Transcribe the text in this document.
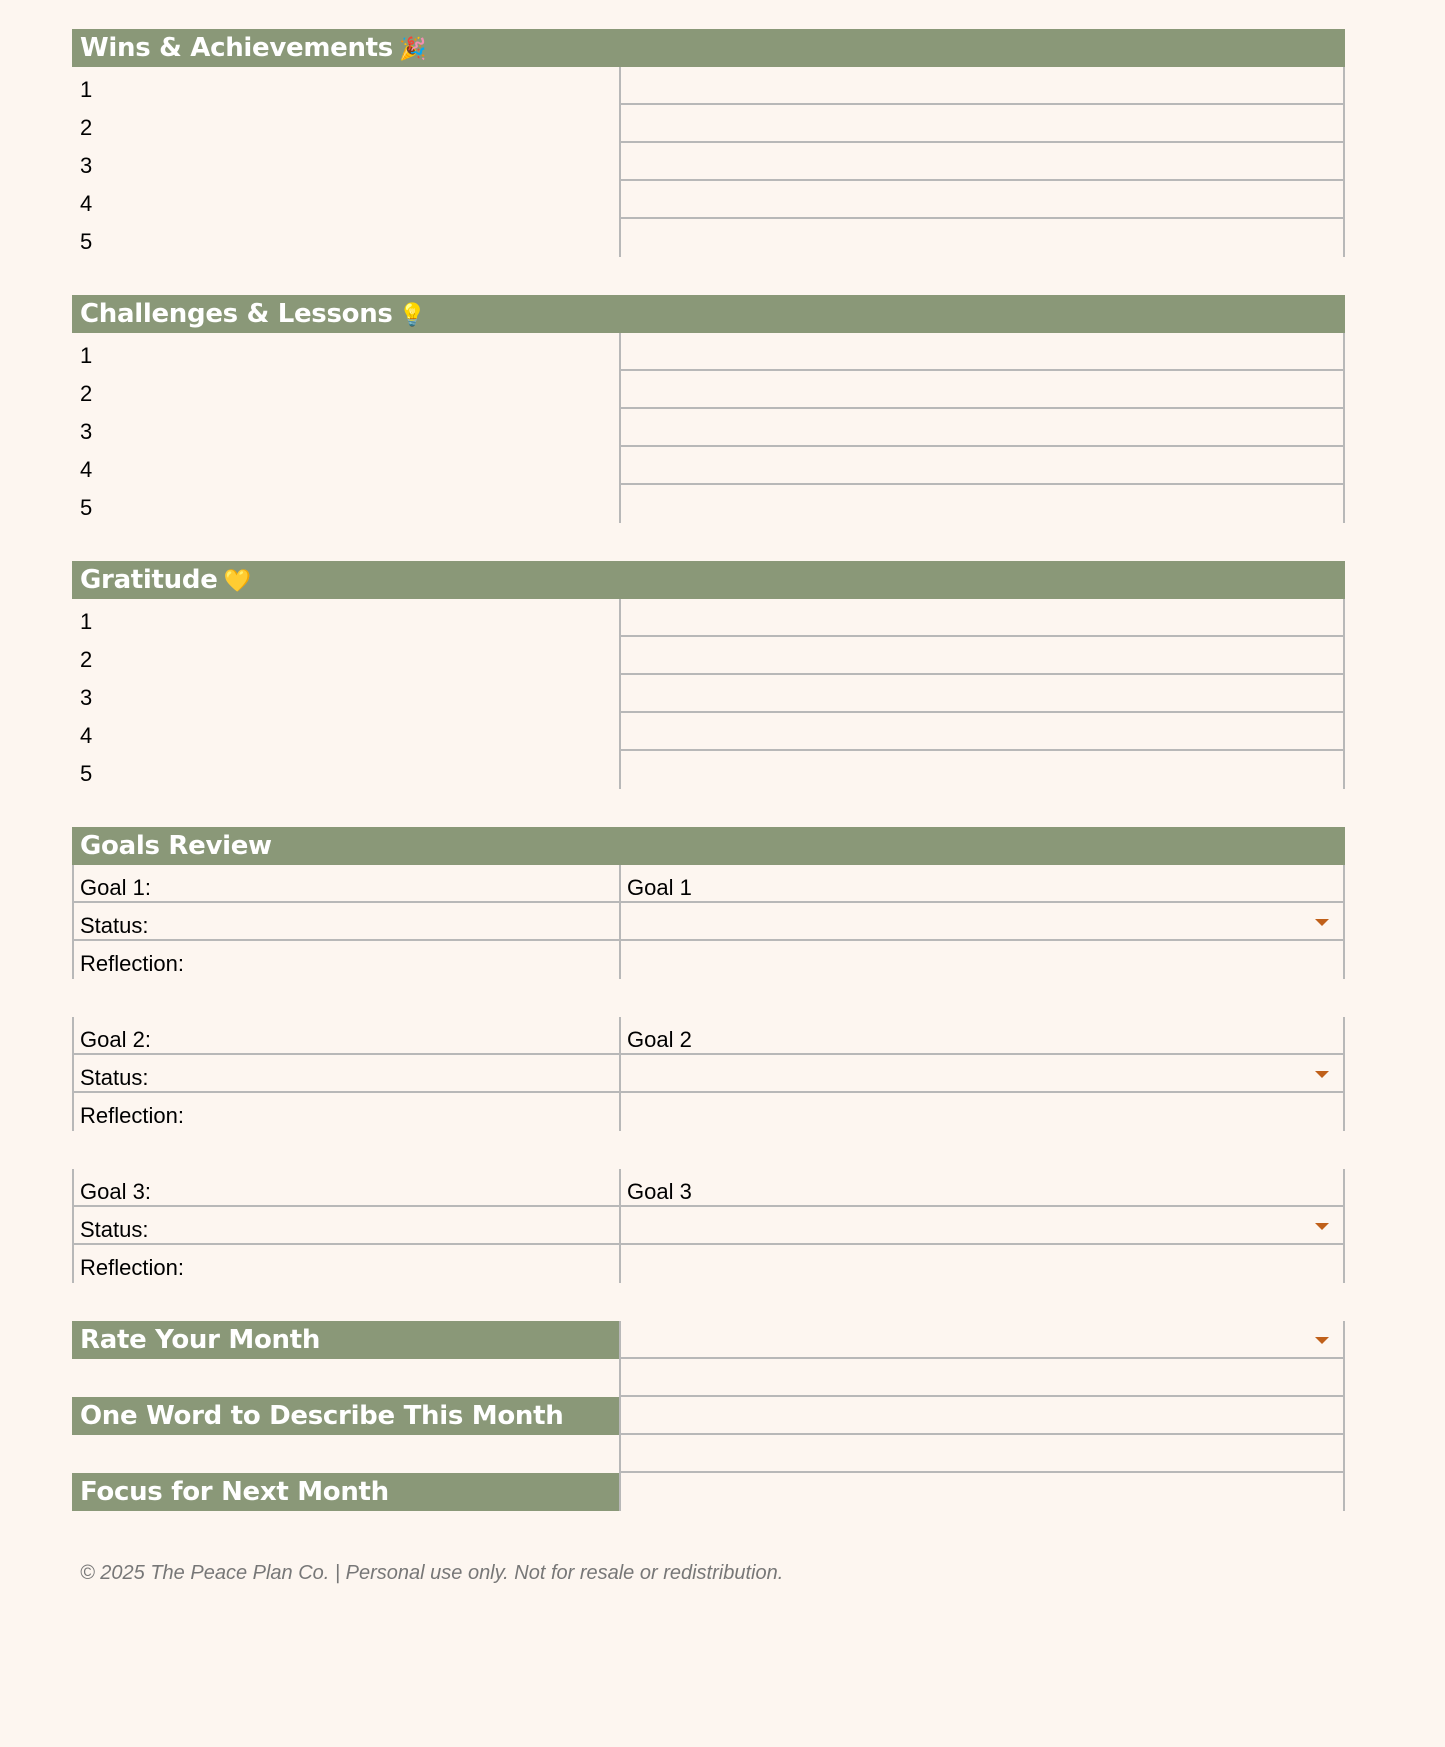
Wins & Achievements 🎉
1
2
3
4
5
Challenges & Lessons 💡
1
2
3
4
5
Gratitude 💛
1
2
3
4
5
Goals Review
Goal 1:	Goal 1
Status:
Reflection:
Goal 2:	Goal 2
Status:
Reflection:
Goal 3:	Goal 3
Status:
Reflection:
Rate Your Month
One Word to Describe This Month
Focus for Next Month
© 2025 The Peace Plan Co. | Personal use only. Not for resale or redistribution.
